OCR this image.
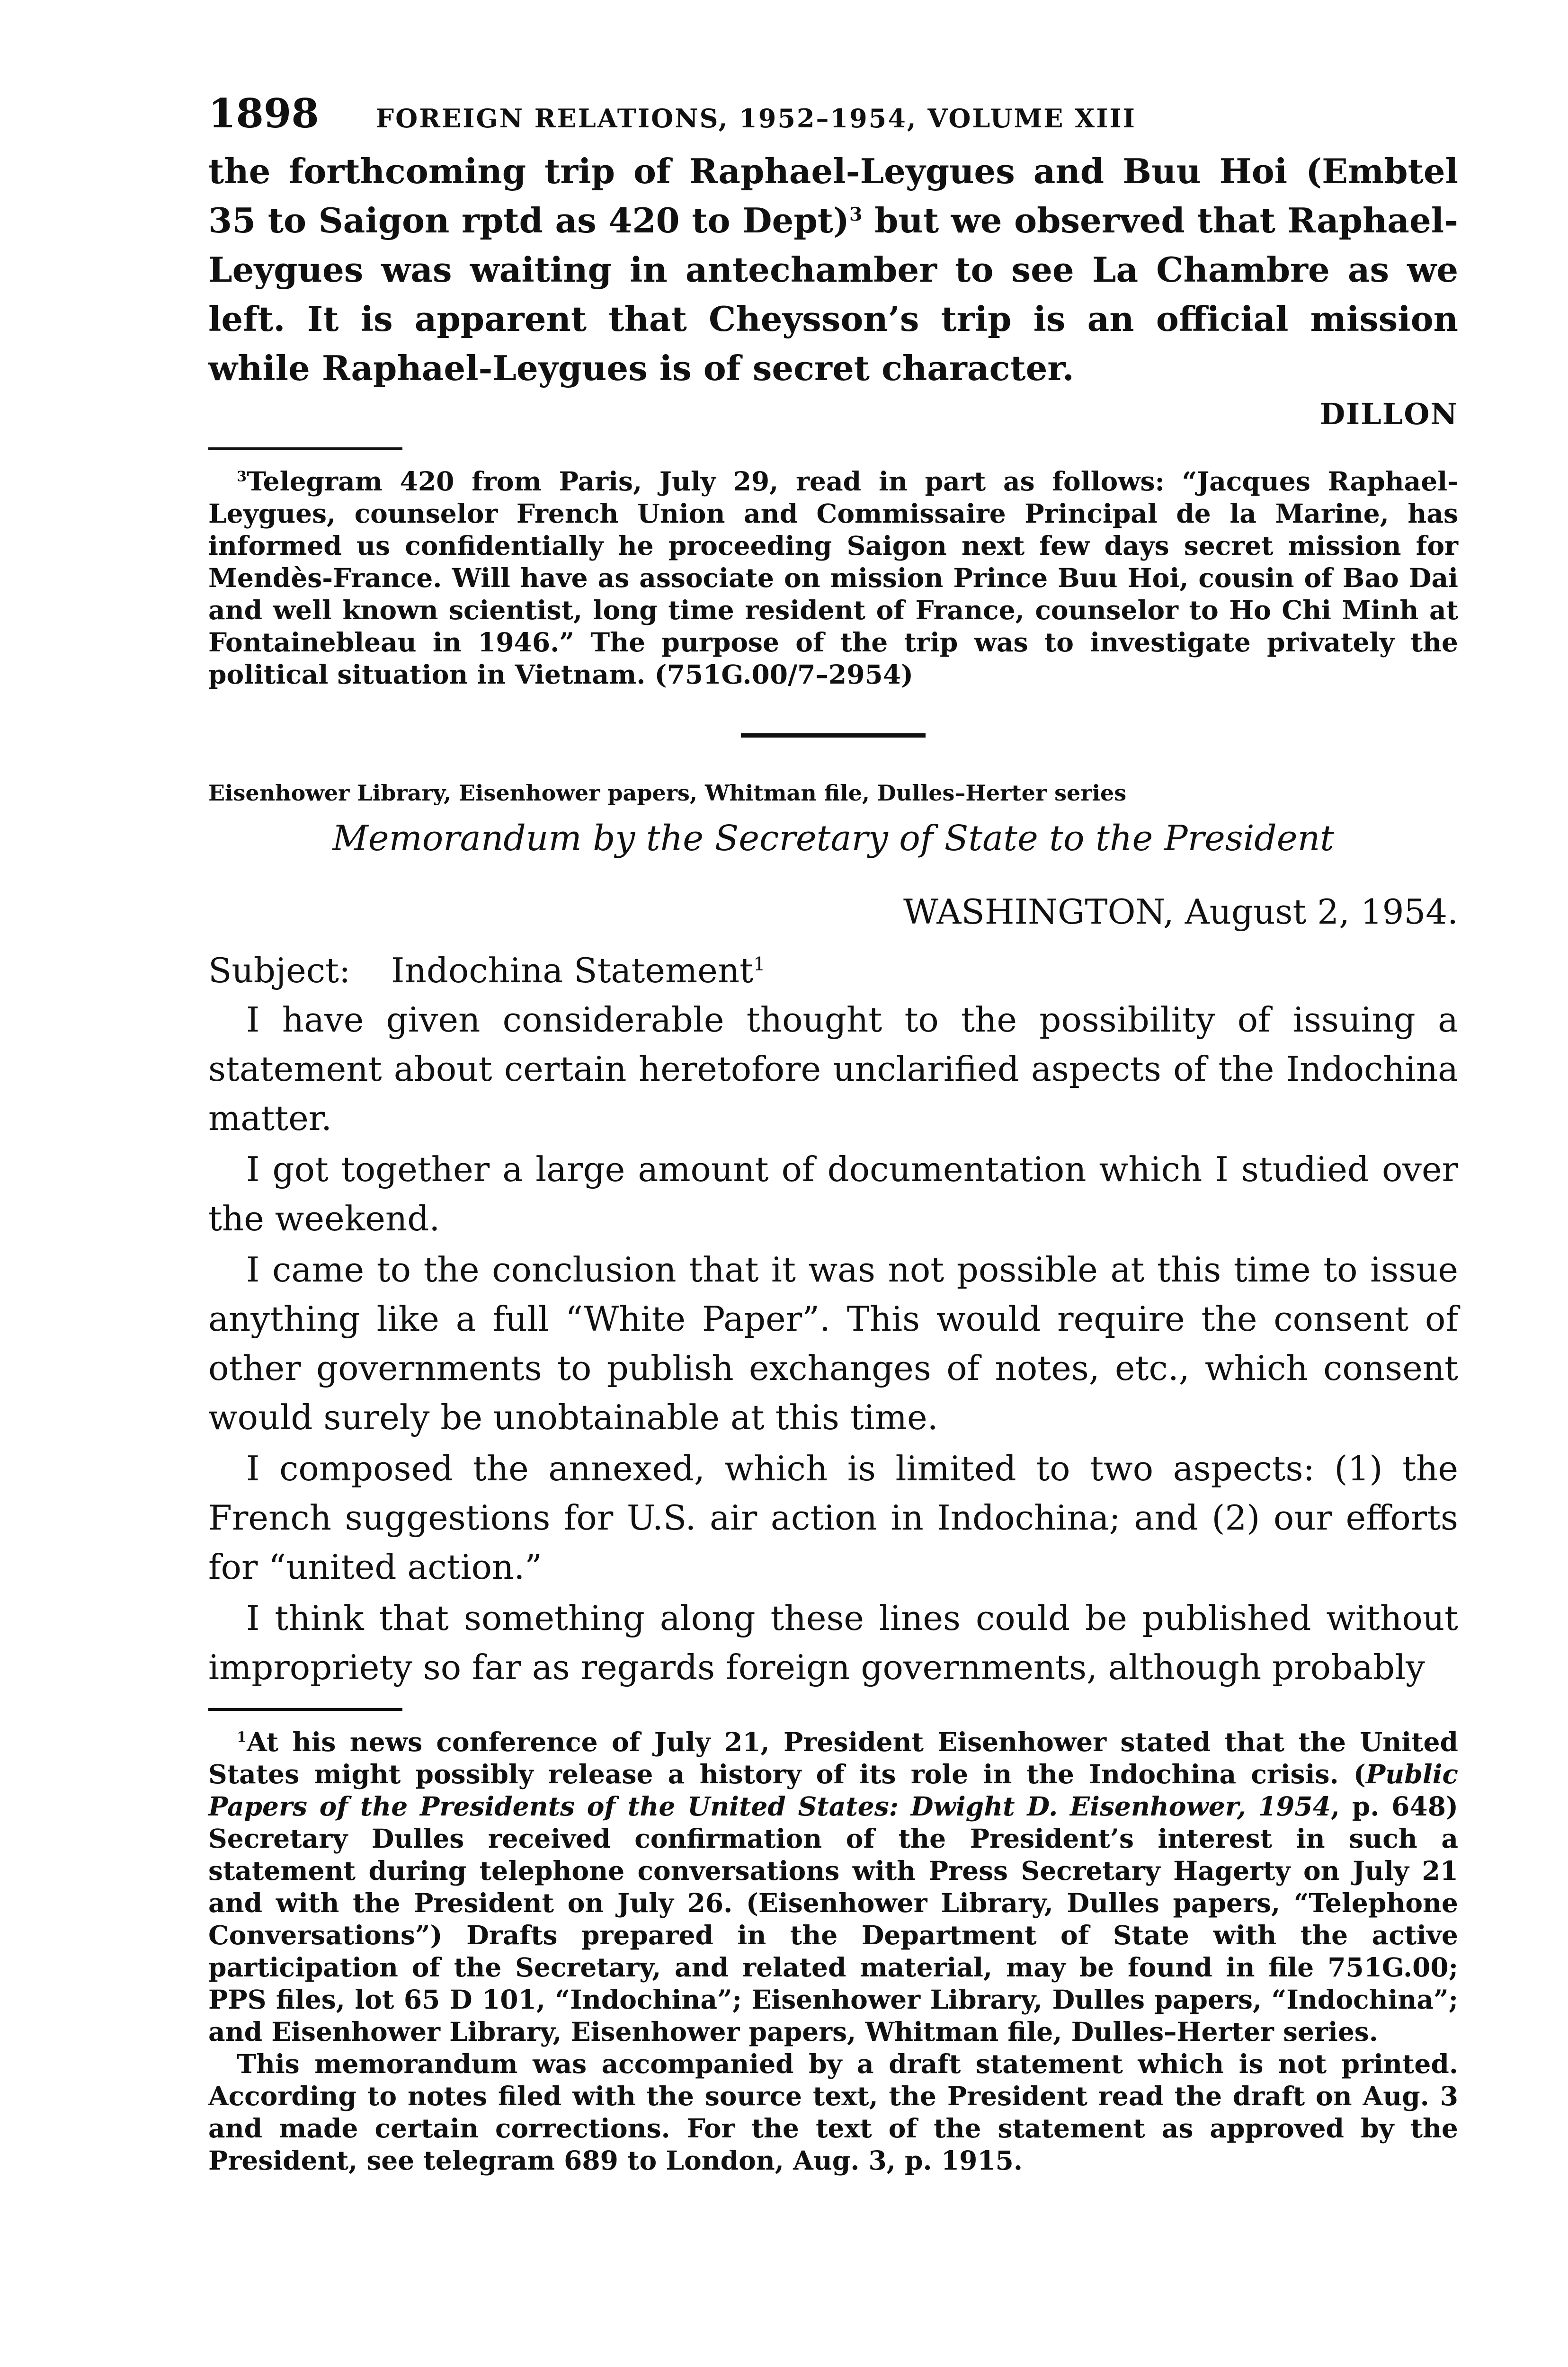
1898 FOREIGN RELATIONS, 1952–1954, VOLUME XIII

the forthcoming trip of Raphael-Leygues and Buu Hoi (Embtel 35 to Saigon rptd as 420 to Dept)$^3$ but we observed that Raphael-Leygues was waiting in antechamber to see La Chambre as we left. It is apparent that Cheysson’s trip is an official mission while Raphael-Leygues is of secret character.

DILLON

$^3$Telegram 420 from Paris, July 29, read in part as follows: “Jacques Raphael-Leygues, counselor French Union and Commissaire Principal de la Marine, has informed us confidentially he proceeding Saigon next few days secret mission for Mendès-France. Will have as associate on mission Prince Buu Hoi, cousin of Bao Dai and well known scientist, long time resident of France, counselor to Ho Chi Minh at Fontainebleau in 1946.” The purpose of the trip was to investigate privately the political situation in Vietnam. (751G.00/7–2954)

Eisenhower Library, Eisenhower papers, Whitman file, Dulles–Herter series
Memorandum by the Secretary of State to the President
WASHINGTON, August 2, 1954.
Subject: Indochina Statement$^1$

I have given considerable thought to the possibility of issuing a statement about certain heretofore unclarified aspects of the Indochina matter.

I got together a large amount of documentation which I studied over the weekend.

I came to the conclusion that it was not possible at this time to issue anything like a full “White Paper”. This would require the consent of other governments to publish exchanges of notes, etc., which consent would surely be unobtainable at this time.

I composed the annexed, which is limited to two aspects: (1) the French suggestions for U.S. air action in Indochina; and (2) our efforts for “united action.”

I think that something along these lines could be published without impropriety so far as regards foreign governments, although probably

$^1$At his news conference of July 21, President Eisenhower stated that the United States might possibly release a history of its role in the Indochina crisis. (Public Papers of the Presidents of the United States: Dwight D. Eisenhower, 1954, p. 648) Secretary Dulles received confirmation of the President’s interest in such a statement during telephone conversations with Press Secretary Hagerty on July 21 and with the President on July 26. (Eisenhower Library, Dulles papers, “Telephone Conversations”) Drafts prepared in the Department of State with the active participation of the Secretary, and related material, may be found in file 751G.00; PPS files, lot 65 D 101, “Indochina”; Eisenhower Library, Dulles papers, “Indochina”; and Eisenhower Library, Eisenhower papers, Whitman file, Dulles–Herter series.

This memorandum was accompanied by a draft statement which is not printed. According to notes filed with the source text, the President read the draft on Aug. 3 and made certain corrections. For the text of the statement as approved by the President, see telegram 689 to London, Aug. 3, p. 1915.
